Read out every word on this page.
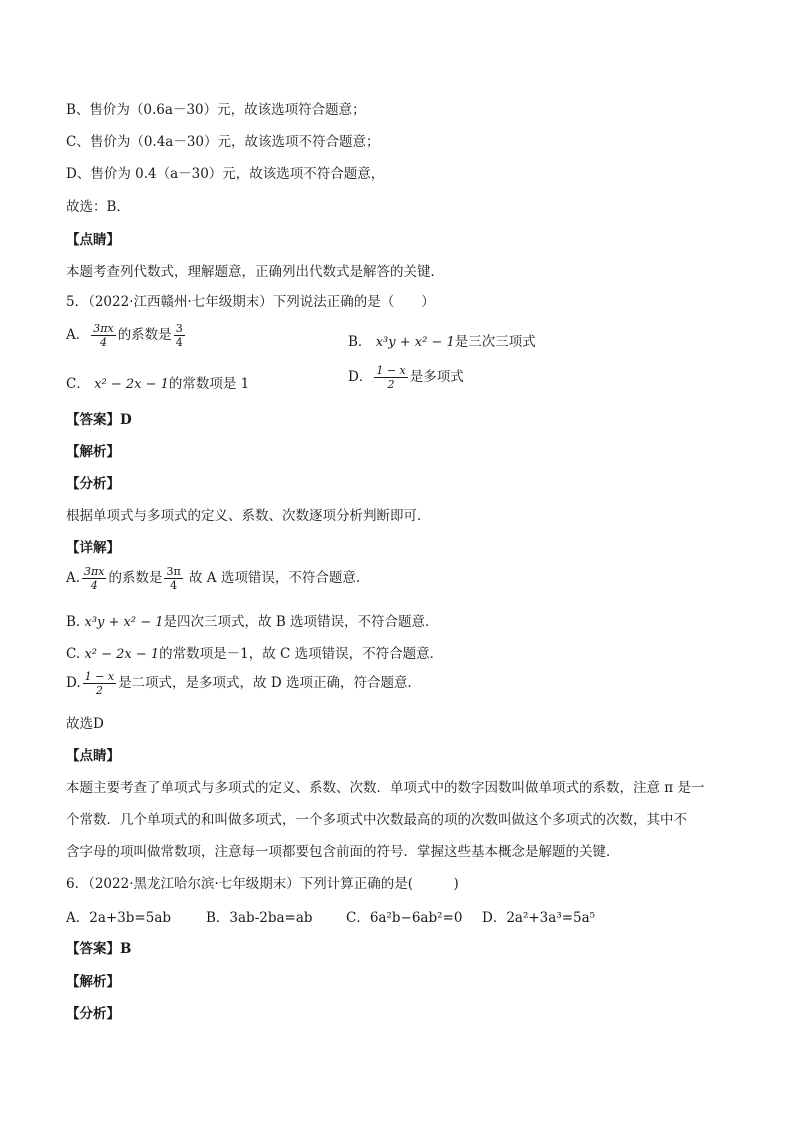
B、售价为（0.6a－30）元，故该选项符合题意；
C、售价为（0.4a－30）元，故该选项不符合题意；
D、售价为 0.4（a－30）元，故该选项不符合题意，
故选：B．
【点睛】
本题考查列代数式，理解题意，正确列出代数式是解答的关键．
5．（2022·江西赣州·七年级期末）下列说法正确的是（　　）
A． $\frac{3\pi x}{4}$ 的系数是 $\frac{3}{4}$	B． x³y + x² − 1是三次三项式
C． x² − 2x − 1的常数项是 1	D． $\frac{1 - x}{2}$ 是多项式
【答案】D
【解析】
【分析】
根据单项式与多项式的定义、系数、次数逐项分析判断即可．
【详解】
A. $\frac{3\pi x}{4}$ 的系数是 $\frac{3\pi}{4}$ 故 A 选项错误，不符合题意．
B. x³y + x² − 1是四次三项式，故 B 选项错误，不符合题意．
C. x² − 2x − 1的常数项是－1，故 C 选项错误，不符合题意．
D. $\frac{1 - x}{2}$ 是二项式，是多项式，故 D 选项正确，符合题意．
故选D
【点睛】
本题主要考查了单项式与多项式的定义、系数、次数．单项式中的数字因数叫做单项式的系数，注意 π 是一
个常数．几个单项式的和叫做多项式，一个多项式中次数最高的项的次数叫做这个多项式的次数，其中不
含字母的项叫做常数项，注意每一项都要包含前面的符号．掌握这些基本概念是解题的关键．
6．（2022·黑龙江哈尔滨·七年级期末）下列计算正确的是(　　　)
A．2a+3b=5ab	B．3ab-2ba=ab C．6a²b−6ab²=0 D．2a²+3a³=5a⁵
【答案】B
【解析】
【分析】
